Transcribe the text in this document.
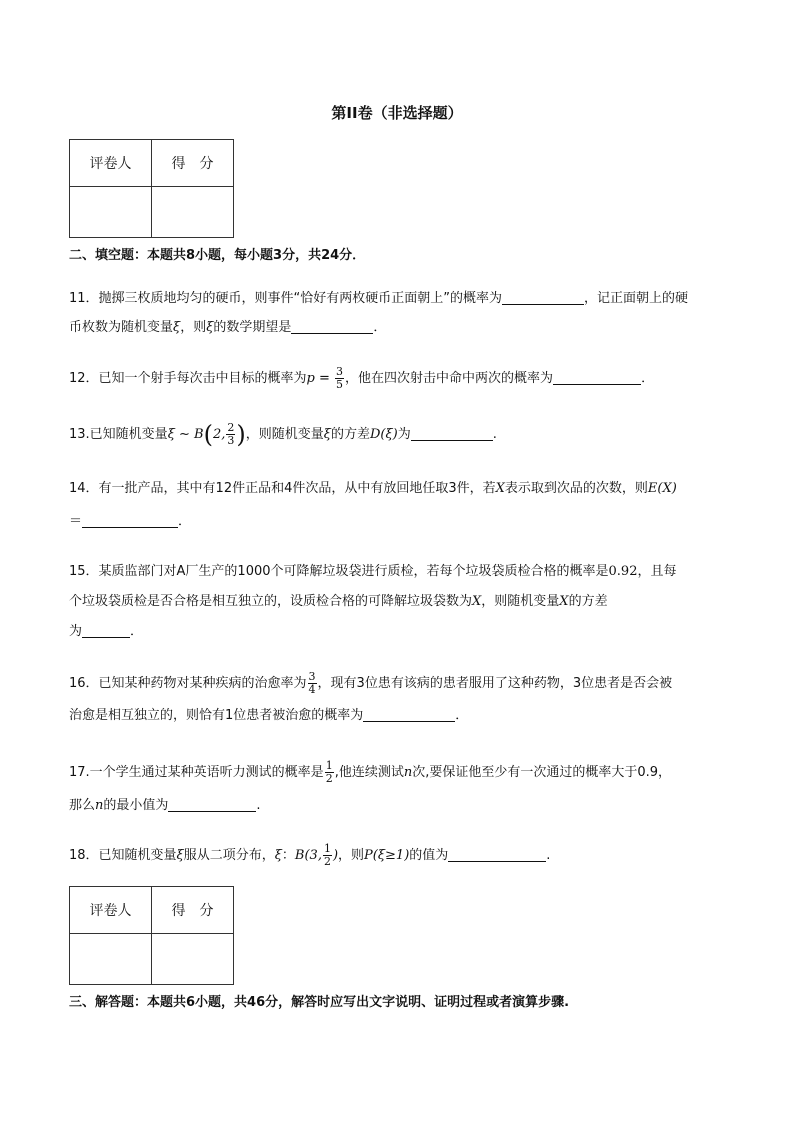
第II卷（非选择题）
评卷人	得　分

二、填空题：本题共8小题，每小题3分，共24分．
11．抛掷三枚质地均匀的硬币，则事件“恰好有两枚硬币正面朝上”的概率为	，记正面朝上的硬
币枚数为随机变量ξ，则ξ的数学期望是	．
12．已知一个射手每次击中目标的概率为$p = \frac{3}{5}$ ，他在四次射击中命中两次的概率为	．
13.已知随机变量ξ ~ B(2, $\frac{2}{3}$ )，则随机变量ξ的方差D(ξ)为	.
14．有一批产品，其中有12件正品和4件次品，从中有放回地任取3件，若X表示取到次品的次数，则E(X)
＝	．
15．某质监部门对A厂生产的1000个可降解垃圾袋进行质检，若每个垃圾袋质检合格的概率是0.92，且每
个垃圾袋质检是否合格是相互独立的，设质检合格的可降解垃圾袋数为X，则随机变量X的方差
为	．
16．已知某种药物对某种疾病的治愈率为 $\frac{3}{4}$ ，现有3位患有该病的患者服用了这种药物，3位患者是否会被
治愈是相互独立的，则恰有1位患者被治愈的概率为	．
17.一个学生通过某种英语听力测试的概率是 $\frac{1}{2}$ ,他连续测试n次,要保证他至少有一次通过的概率大于0.9，
那么n的最小值为	.
18．已知随机变量ξ服从二项分布，ξ：B(3, $\frac{1}{2}$ )，则P(ξ≥1)的值为	.
评卷人	得　分

三、解答题：本题共6小题，共46分，解答时应写出文字说明、证明过程或者演算步骤.
